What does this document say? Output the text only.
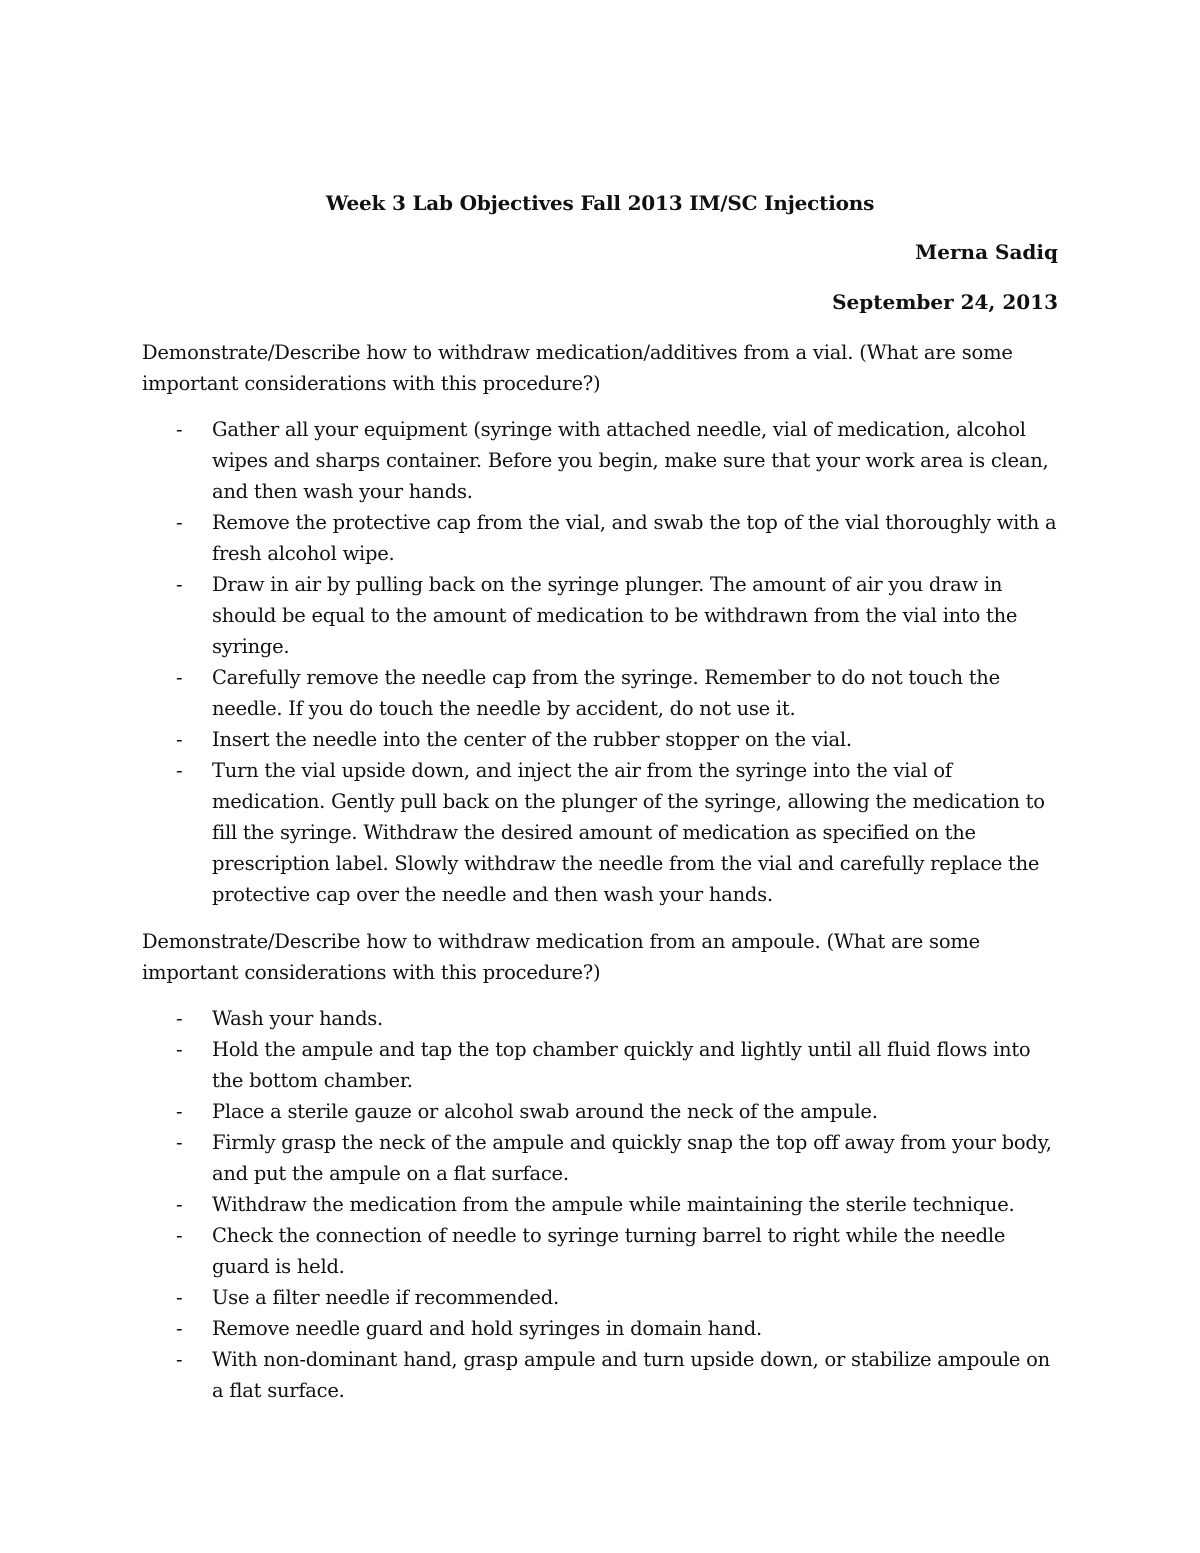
Week 3 Lab Objectives Fall 2013 IM/SC Injections
Merna Sadiq
September 24, 2013
Demonstrate/Describe how to withdraw medication/additives from a vial. (What are some important considerations with this procedure?)
- Gather all your equipment (syringe with attached needle, vial of medication, alcohol wipes and sharps container. Before you begin, make sure that your work area is clean, and then wash your hands.
- Remove the protective cap from the vial, and swab the top of the vial thoroughly with a fresh alcohol wipe.
- Draw in air by pulling back on the syringe plunger. The amount of air you draw in should be equal to the amount of medication to be withdrawn from the vial into the syringe.
- Carefully remove the needle cap from the syringe. Remember to do not touch the needle. If you do touch the needle by accident, do not use it.
- Insert the needle into the center of the rubber stopper on the vial.
- Turn the vial upside down, and inject the air from the syringe into the vial of medication. Gently pull back on the plunger of the syringe, allowing the medication to fill the syringe. Withdraw the desired amount of medication as specified on the prescription label. Slowly withdraw the needle from the vial and carefully replace the protective cap over the needle and then wash your hands.
Demonstrate/Describe how to withdraw medication from an ampoule. (What are some important considerations with this procedure?)
- Wash your hands.
- Hold the ampule and tap the top chamber quickly and lightly until all fluid flows into the bottom chamber.
- Place a sterile gauze or alcohol swab around the neck of the ampule.
- Firmly grasp the neck of the ampule and quickly snap the top off away from your body, and put the ampule on a flat surface.
- Withdraw the medication from the ampule while maintaining the sterile technique.
- Check the connection of needle to syringe turning barrel to right while the needle guard is held.
- Use a filter needle if recommended.
- Remove needle guard and hold syringes in domain hand.
- With non-dominant hand, grasp ampule and turn upside down, or stabilize ampoule on a flat surface.
